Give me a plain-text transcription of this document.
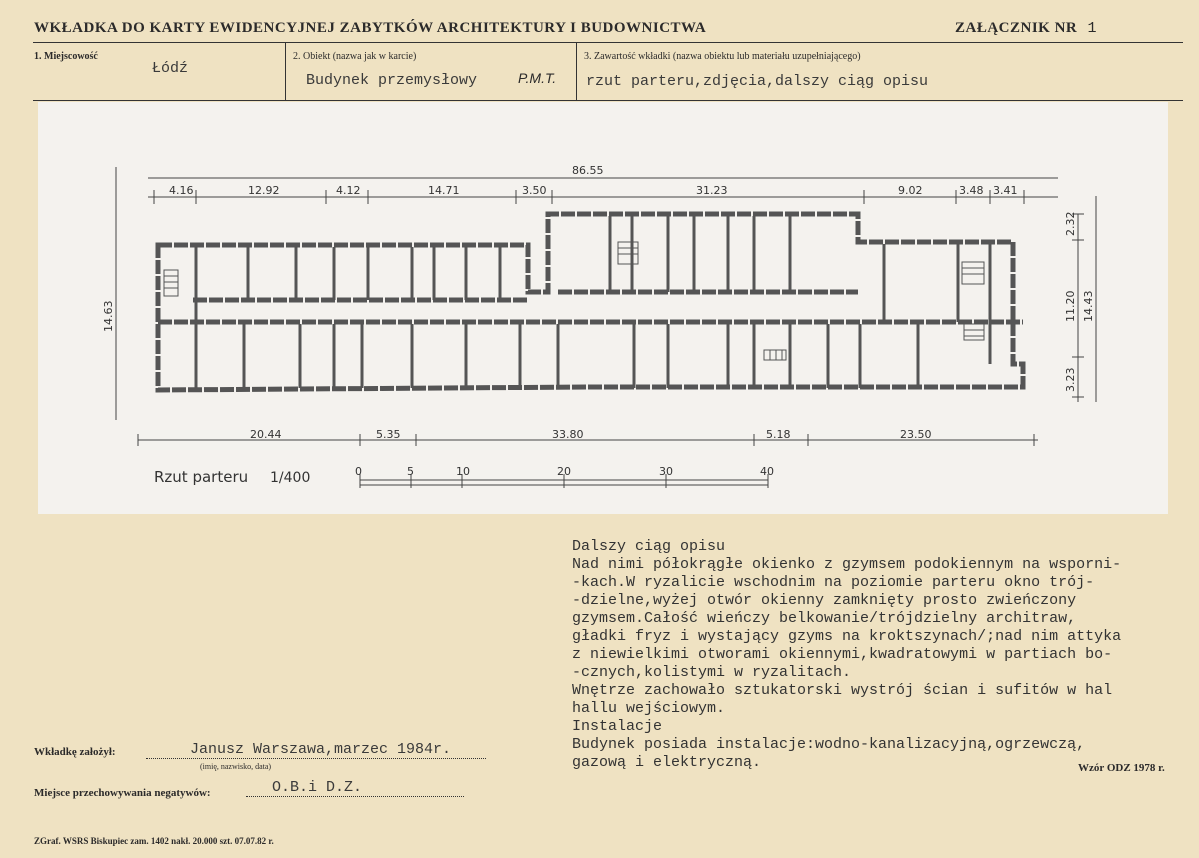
WKŁADKA DO KARTY EWIDENCYJNEJ ZABYTKÓW ARCHITEKTURY I BUDOWNICTWA	ZAŁĄCZNIK NR 1
1. Miejscowość
Łódź
2. Obiekt (nazwa jak w karcie)
Budynek przemysłowy	P.M.T.
3. Zawartość wkładki (nazwa obiektu lub materiału uzupełniającego)
rzut parteru,zdjęcia,dalszy ciąg opisu
86.55
4.16	12.92	4.12	14.71	3.50	31.23	9.02	3.48 3.41
20.44	5.35	33.80	5.18	23.50
14.63
2.32
11.20
3.23
14.43
Rzut parteru 1/400	0	5	10	20	30	40
Dalszy ciąg opisu
Nad nimi półokrągłe okienko z gzymsem podokiennym na wsporni-
-kach.W ryzalicie wschodnim na poziomie parteru okno trój-
-dzielne,wyżej otwór okienny zamknięty prosto zwieńczony
gzymsem.Całość wieńczy belkowanie/trójdzielny architraw,
gładki fryz i wystający gzyms na kroktszynach/;nad nim attyka
z niewielkimi otworami okiennymi,kwadratowymi w partiach bo-
-cznych,kolistymi w ryzalitach.
Wnętrze zachowało sztukatorski wystrój ścian i sufitów w hal
hallu wejściowym.
Instalacje
Budynek posiada instalacje:wodno-kanalizacyjną,ogrzewczą,
gazową i elektryczną.
Wkładkę założył:	Janusz Warszawa,marzec 1984r.
(imię, nazwisko, data)
Miejsce przechowywania negatywów:	O.B.i D.Z.
Wzór ODZ 1978 r.
ZGraf. WSRS Biskupiec zam. 1402 nakł. 20.000 szt. 07.07.82 r.
